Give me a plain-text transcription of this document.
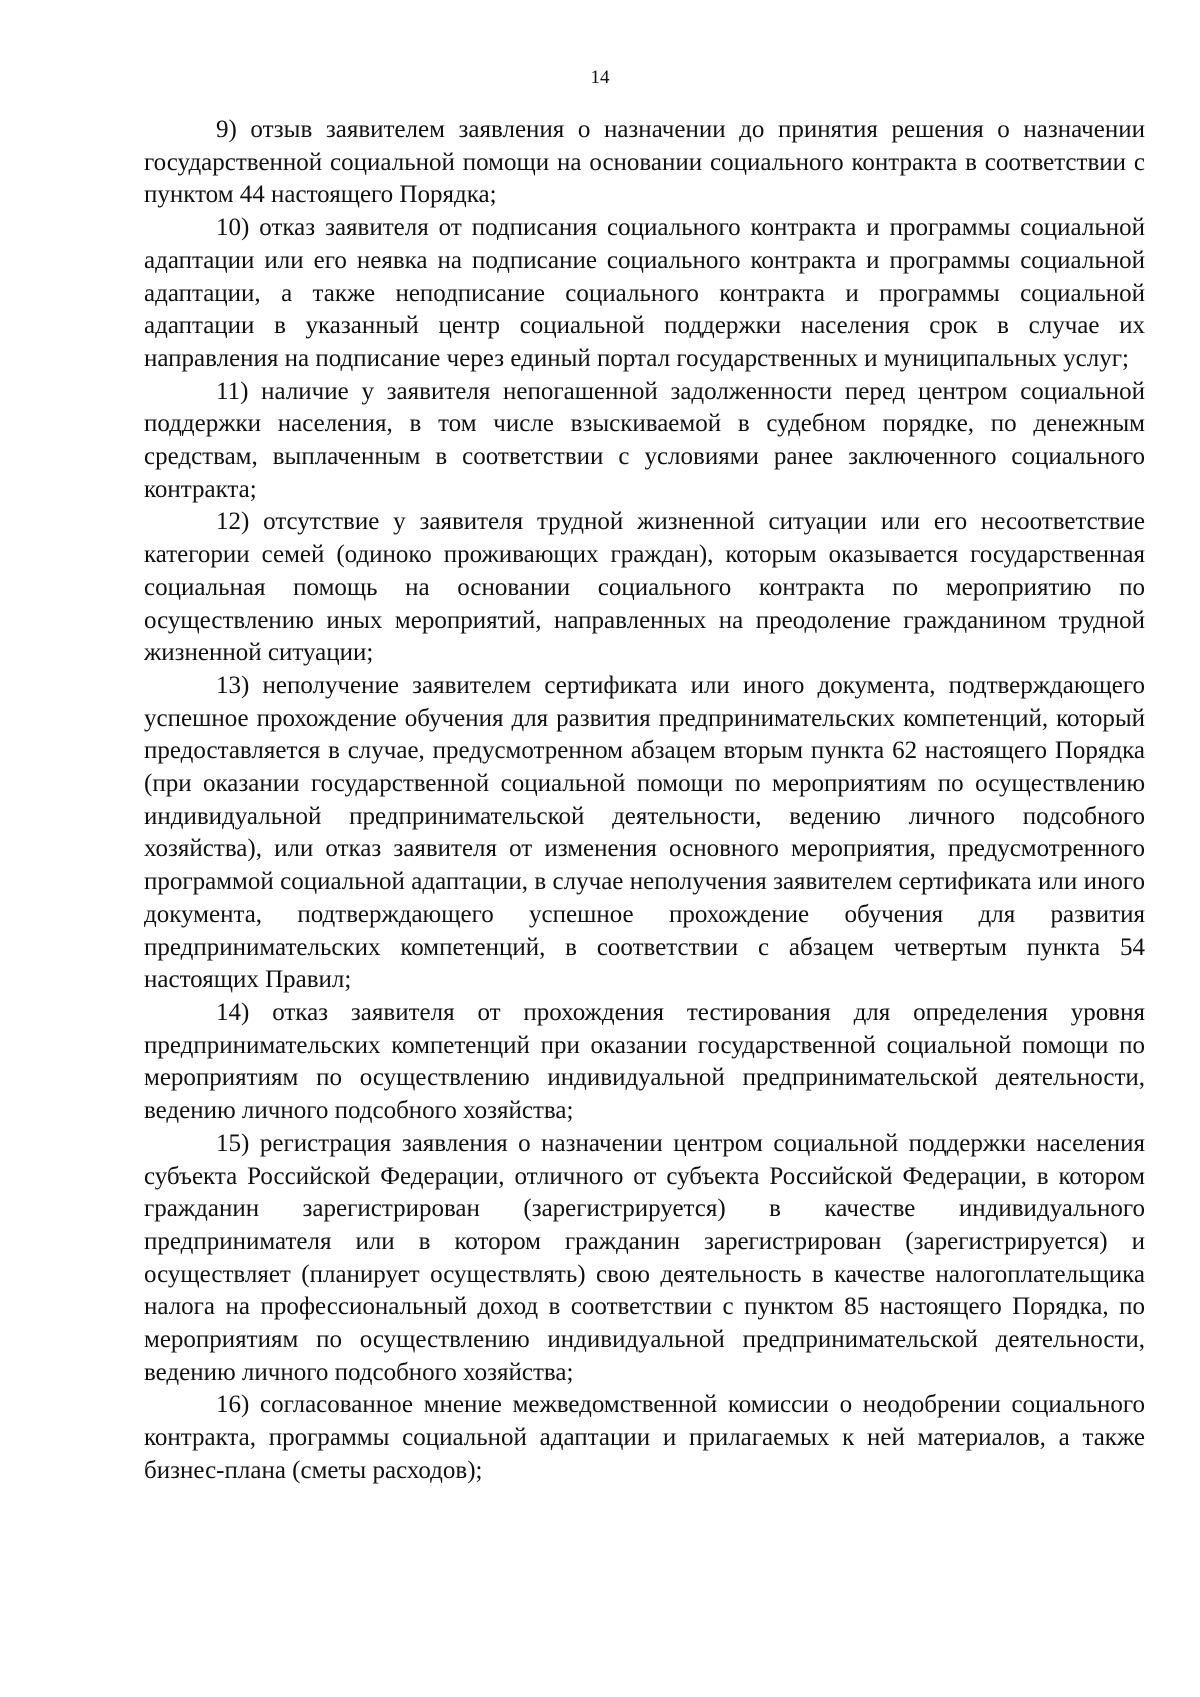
14

9) отзыв заявителем заявления о назначении до принятия решения о назначении государственной социальной помощи на основании социального контракта в соответствии с пунктом 44 настоящего Порядка;

10) отказ заявителя от подписания социального контракта и программы социальной адаптации или его неявка на подписание социального контракта и программы социальной адаптации, а также неподписание социального контракта и программы социальной адаптации в указанный центр социальной поддержки населения срок в случае их направления на подписание через единый портал государственных и муниципальных услуг;

11) наличие у заявителя непогашенной задолженности перед центром социальной поддержки населения, в том числе взыскиваемой в судебном порядке, по денежным средствам, выплаченным в соответствии с условиями ранее заключенного социального контракта;

12) отсутствие у заявителя трудной жизненной ситуации или его несоответствие категории семей (одиноко проживающих граждан), которым оказывается государственная социальная помощь на основании социального контракта по мероприятию по осуществлению иных мероприятий, направленных на преодоление гражданином трудной жизненной ситуации;

13) неполучение заявителем сертификата или иного документа, подтверждающего успешное прохождение обучения для развития предпринимательских компетенций, который предоставляется в случае, предусмотренном абзацем вторым пункта 62 настоящего Порядка (при оказании государственной социальной помощи по мероприятиям по осуществлению индивидуальной предпринимательской деятельности, ведению личного подсобного хозяйства), или отказ заявителя от изменения основного мероприятия, предусмотренного программой социальной адаптации, в случае неполучения заявителем сертификата или иного документа, подтверждающего успешное прохождение обучения для развития предпринимательских компетенций, в соответствии с абзацем четвертым пункта 54 настоящих Правил;

14) отказ заявителя от прохождения тестирования для определения уровня предпринимательских компетенций при оказании государственной социальной помощи по мероприятиям по осуществлению индивидуальной предпринимательской деятельности, ведению личного подсобного хозяйства;

15) регистрация заявления о назначении центром социальной поддержки населения субъекта Российской Федерации, отличного от субъекта Российской Федерации, в котором гражданин зарегистрирован (зарегистрируется) в качестве индивидуального предпринимателя или в котором гражданин зарегистрирован (зарегистрируется) и осуществляет (планирует осуществлять) свою деятельность в качестве налогоплательщика налога на профессиональный доход в соответствии с пунктом 85 настоящего Порядка, по мероприятиям по осуществлению индивидуальной предпринимательской деятельности, ведению личного подсобного хозяйства;

16) согласованное мнение межведомственной комиссии о неодобрении социального контракта, программы социальной адаптации и прилагаемых к ней материалов, а также бизнес-плана (сметы расходов);
